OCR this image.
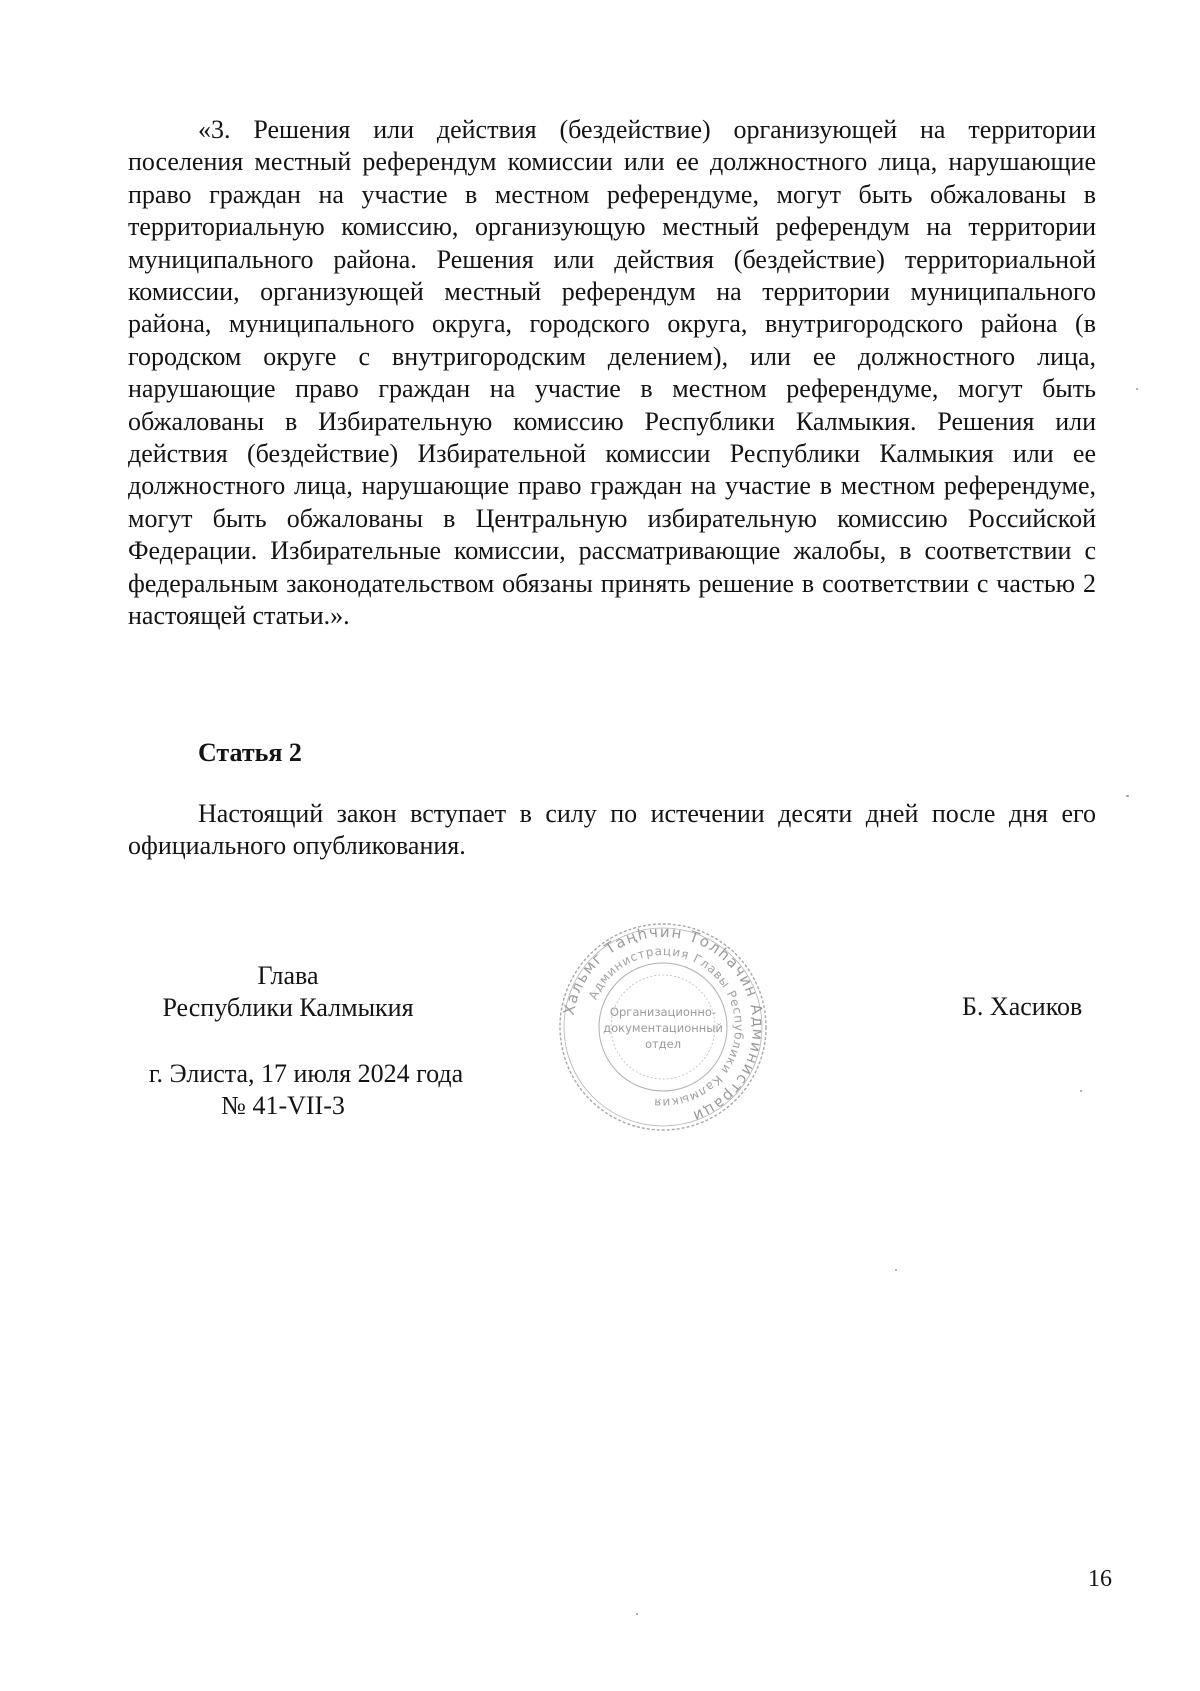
«3. Решения или действия (бездействие) организующей на территории поселения местный референдум комиссии или ее должностного лица, нарушающие право граждан на участие в местном референдуме, могут быть обжалованы в территориальную комиссию, организующую местный референдум на территории муниципального района. Решения или действия (бездействие) территориальной комиссии, организующей местный референдум на территории муниципального района, муниципального округа, городского округа, внутригородского района (в городском округе с внутригородским делением), или ее должностного лица, нарушающие право граждан на участие в местном референдуме, могут быть обжалованы в Избирательную комиссию Республики Калмыкия. Решения или действия (бездействие) Избирательной комиссии Республики Калмыкия или ее должностного лица, нарушающие право граждан на участие в местном референдуме, могут быть обжалованы в Центральную избирательную комиссию Российской Федерации. Избирательные комиссии, рассматривающие жалобы, в соответствии с федеральным законодательством обязаны принять решение в соответствии с частью 2 настоящей статьи.».

Статья 2

Настоящий закон вступает в силу по истечении десяти дней после дня его официального опубликования.

Глава
Республики Калмыкия	Б. Хасиков
г. Элиста, 17 июля 2024 года
№ 41-VII-3
Хальмг Таңһчин Толһачин Администраци
Администрация Главы Республики Калмыкия
Организационно-
документационный
отдел
16
